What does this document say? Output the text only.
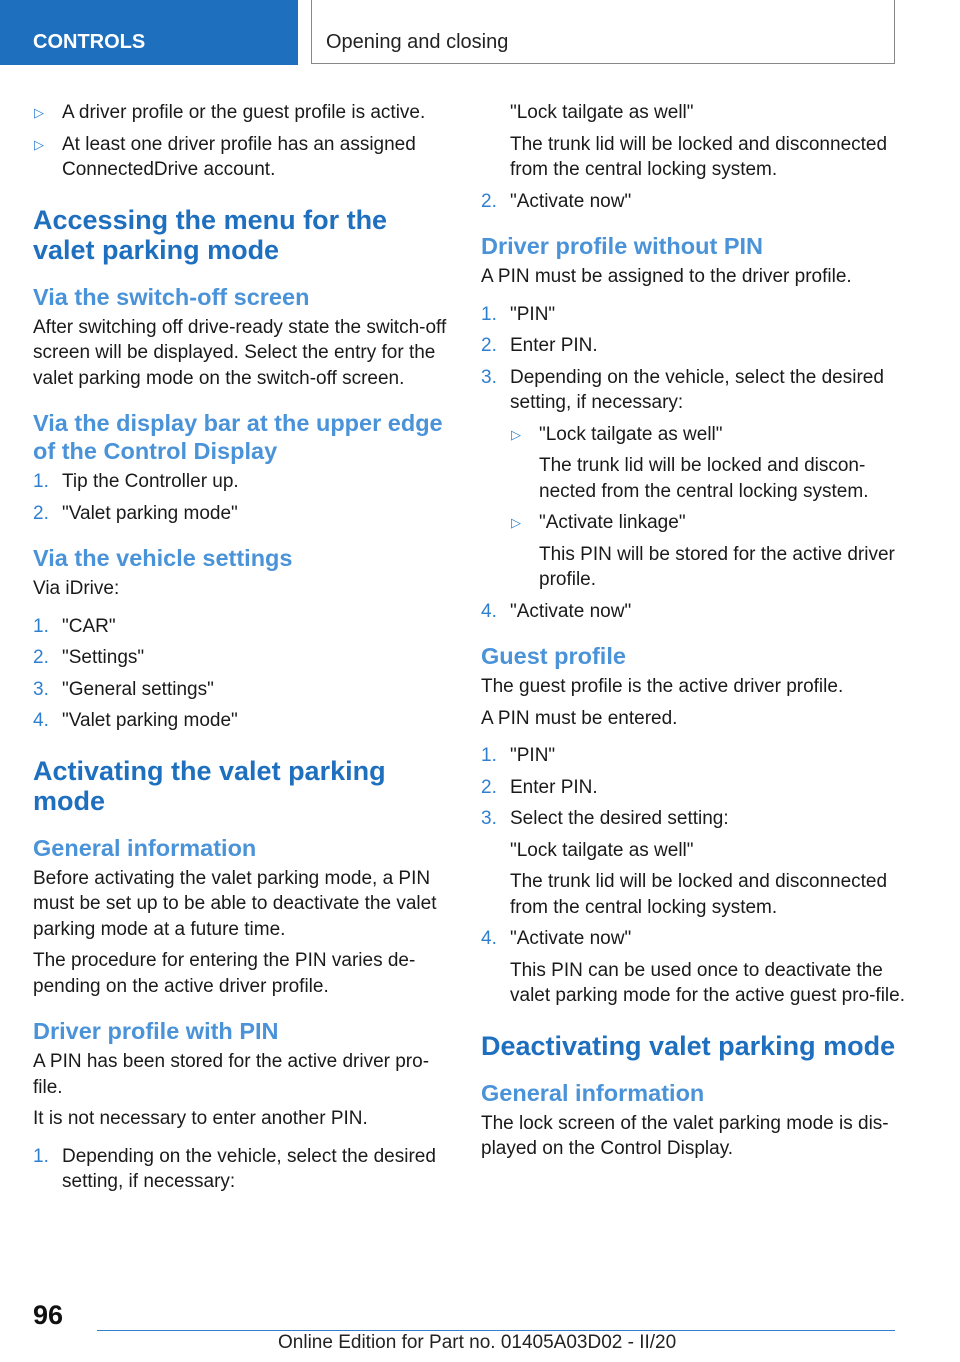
CONTROLS	Opening and closing
▷ A driver profile or the guest profile is active.
▷ At least one driver profile has an assigned ConnectedDrive account.
Accessing the menu for the valet parking mode
Via the switch-off screen

After switching off drive-ready state the switch-off screen will be displayed. Select the entry for the valet parking mode on the switch-off screen.

Via the display bar at the upper edge of the Control Display
1. Tip the Controller up.
2. "Valet parking mode"
Via the vehicle settings

Via iDrive:

1. "CAR"
2. "Settings"
3. "General settings"
4. "Valet parking mode"
Activating the valet parking mode
General information

Before activating the valet parking mode, a PIN must be set up to be able to deactivate the valet parking mode at a future time.

The procedure for entering the PIN varies de-pending on the active driver profile.

Driver profile with PIN

A PIN has been stored for the active driver pro-file.

It is not necessary to enter another PIN.

1. Depending on the vehicle, select the desired setting, if necessary:

"Lock tailgate as well"

The trunk lid will be locked and disconnected from the central locking system.

2. "Activate now"
Driver profile without PIN

A PIN must be assigned to the driver profile.

1. "PIN"
2. Enter PIN.
3. Depending on the vehicle, select the desired setting, if necessary:
▷ "Lock tailgate as well"

The trunk lid will be locked and discon-nected from the central locking system.

▷ "Activate linkage"

This PIN will be stored for the active driver profile.

4. "Activate now"
Guest profile

The guest profile is the active driver profile.

A PIN must be entered.

1. "PIN"
2. Enter PIN.
3. Select the desired setting:

"Lock tailgate as well"

The trunk lid will be locked and disconnected from the central locking system.

4. "Activate now"

This PIN can be used once to deactivate the valet parking mode for the active guest pro-file.

Deactivating valet parking mode
General information

The lock screen of the valet parking mode is dis-played on the Control Display.

96
Online Edition for Part no. 01405A03D02 - II/20
